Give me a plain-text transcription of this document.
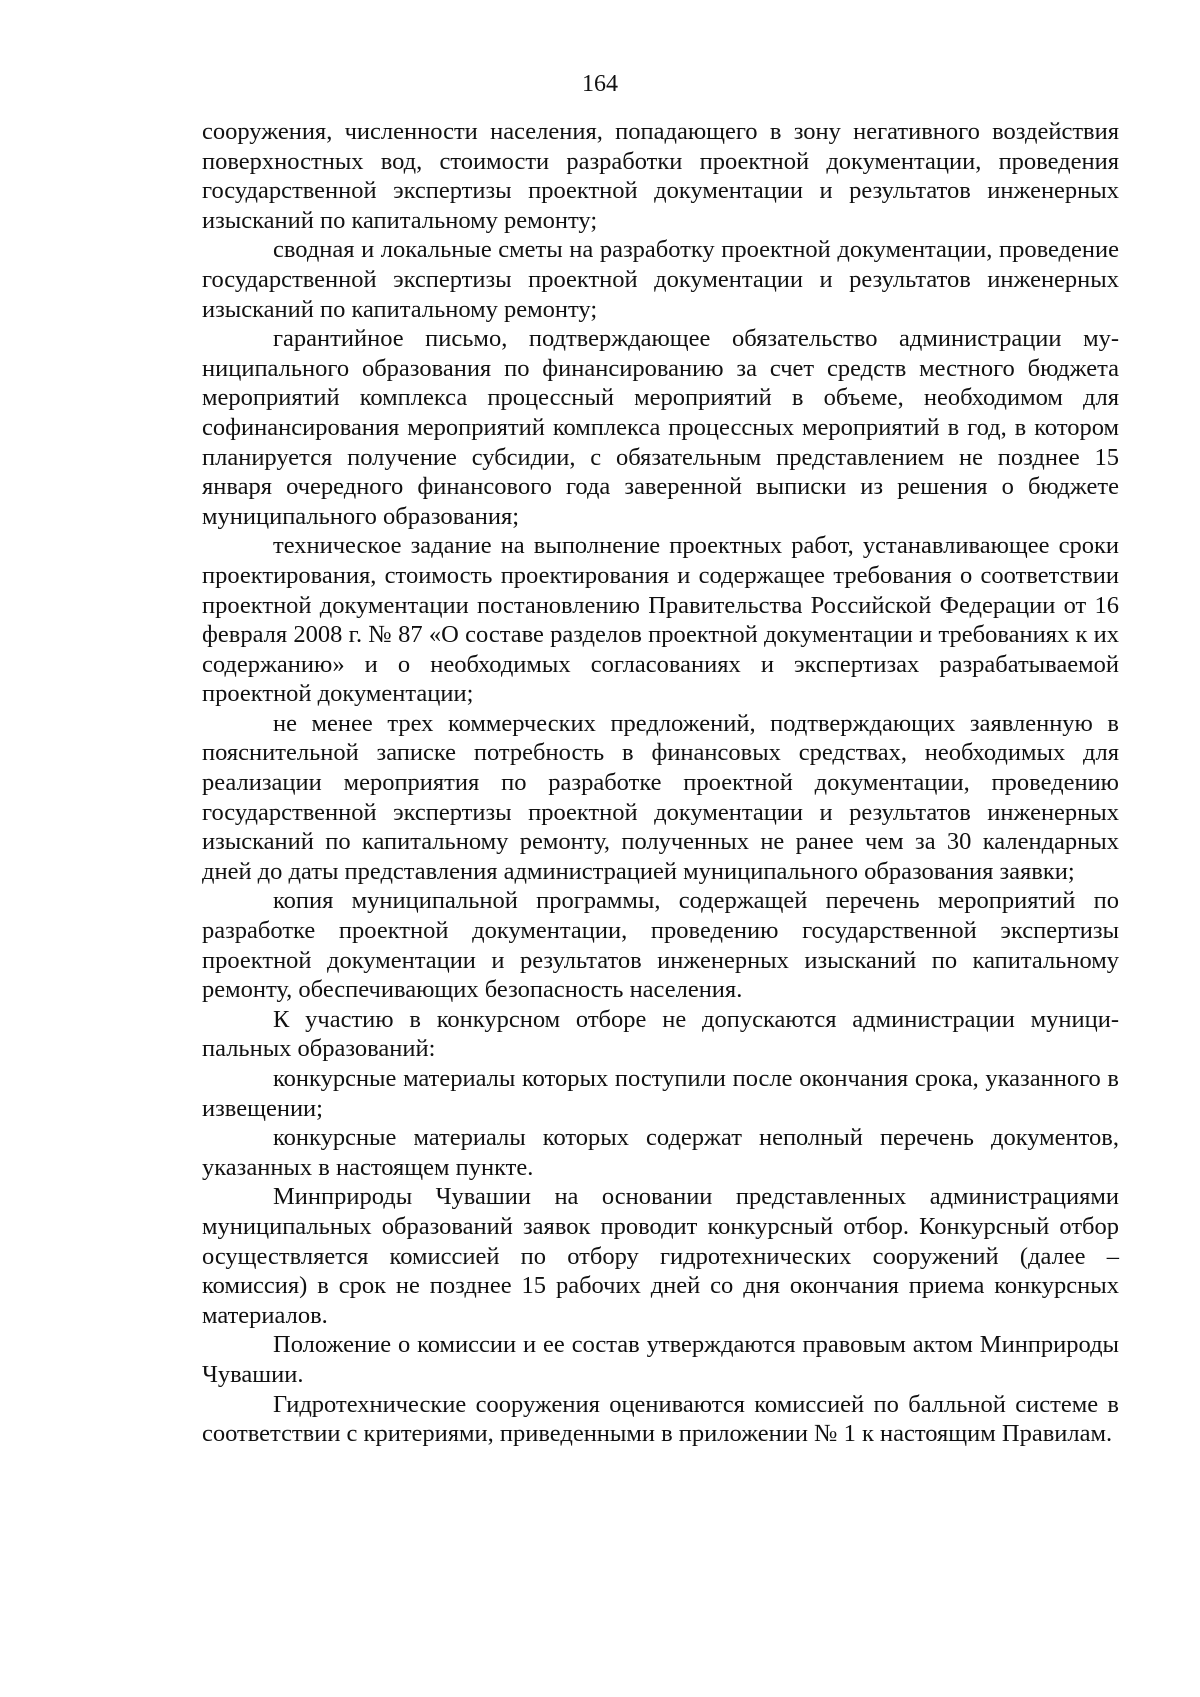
164

сооружения, численности населения, попадающего в зону негативного воздействия поверхностных вод, стоимости разработки проектной документации, проведения государственной экспертизы проектной документации и результатов инженерных изысканий по капитальному ремонту;

сводная и локальные сметы на разработку проектной документации, проведение государственной экспертизы проектной документации и результатов инженерных изысканий по капитальному ремонту;

гарантийное письмо, подтверждающее обязательство администрации муниципального образования по финансированию за счет средств местного бюджета мероприятий комплекса процессный мероприятий в объеме, необходимом для софинансирования мероприятий комплекса процессных мероприятий в год, в котором планируется получение субсидии, с обязательным представлением не позднее 15 января очередного финансового года заверенной выписки из решения о бюджете муниципального образования;

техническое задание на выполнение проектных работ, устанавливающее сроки проектирования, стоимость проектирования и содержащее требования о соответствии проектной документации постановлению Правительства Российской Федерации от 16 февраля 2008 г. № 87 «О составе разделов проектной документации и требованиях к их содержанию» и о необходимых согласованиях и экспертизах разрабатываемой проектной документации;

не менее трех коммерческих предложений, подтверждающих заявленную в пояснительной записке потребность в финансовых средствах, необходимых для реализации мероприятия по разработке проектной документации, проведению государственной экспертизы проектной документации и результатов инженерных изысканий по капитальному ремонту, полученных не ранее чем за 30 календарных дней до даты представления администрацией муниципального образования заявки;

копия муниципальной программы, содержащей перечень мероприятий по разработке проектной документации, проведению государственной экспертизы проектной документации и результатов инженерных изысканий по капитальному ремонту, обеспечивающих безопасность населения.

К участию в конкурсном отборе не допускаются администрации муниципальных образований:

конкурсные материалы которых поступили после окончания срока, указанного в извещении;

конкурсные материалы которых содержат неполный перечень документов, указанных в настоящем пункте.

Минприроды Чувашии на основании представленных администрациями муниципальных образований заявок проводит конкурсный отбор. Конкурсный отбор осуществляется комиссией по отбору гидротехнических сооружений (далее – комиссия) в срок не позднее 15 рабочих дней со дня окончания приема конкурсных материалов.

Положение о комиссии и ее состав утверждаются правовым актом Минприроды Чувашии.

Гидротехнические сооружения оцениваются комиссией по балльной системе в соответствии с критериями, приведенными в приложении № 1 к настоящим Правилам.
